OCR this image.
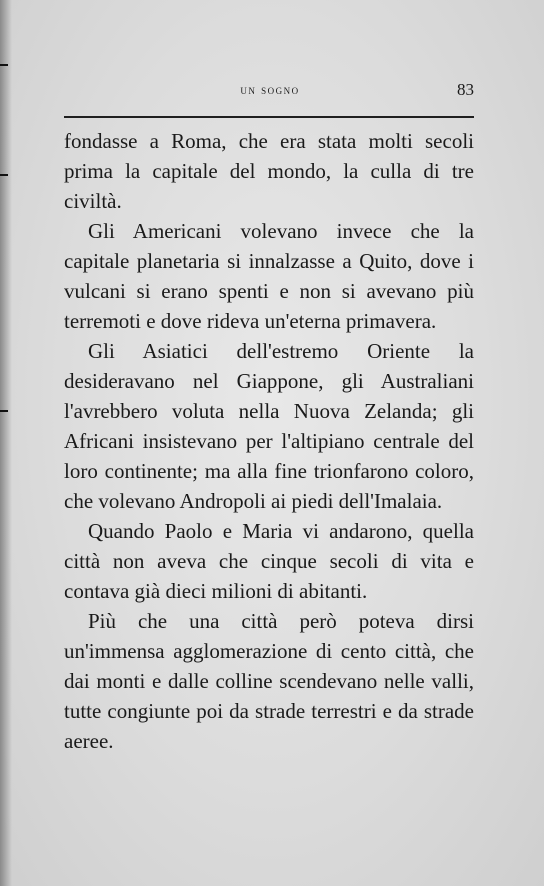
un sogno	83

fondasse a Roma, che era stata molti secoli prima la capitale del mondo, la culla di tre civiltà.

Gli Americani volevano invece che la capitale planetaria si innalzasse a Quito, dove i vulcani si erano spenti e non si avevano più terremoti e dove rideva un'eterna primavera.

Gli Asiatici dell'estremo Oriente la desideravano nel Giappone, gli Australiani l'avrebbero voluta nella Nuova Zelanda; gli Africani insistevano per l'altipiano centrale del loro continente; ma alla fine trionfarono coloro, che volevano Andropoli ai piedi dell'Imalaia.

Quando Paolo e Maria vi andarono, quella città non aveva che cinque secoli di vita e contava già dieci milioni di abitanti.

Più che una città però poteva dirsi un'immensa agglomerazione di cento città, che dai monti e dalle colline scendevano nelle valli, tutte congiunte poi da strade terrestri e da strade aeree.
